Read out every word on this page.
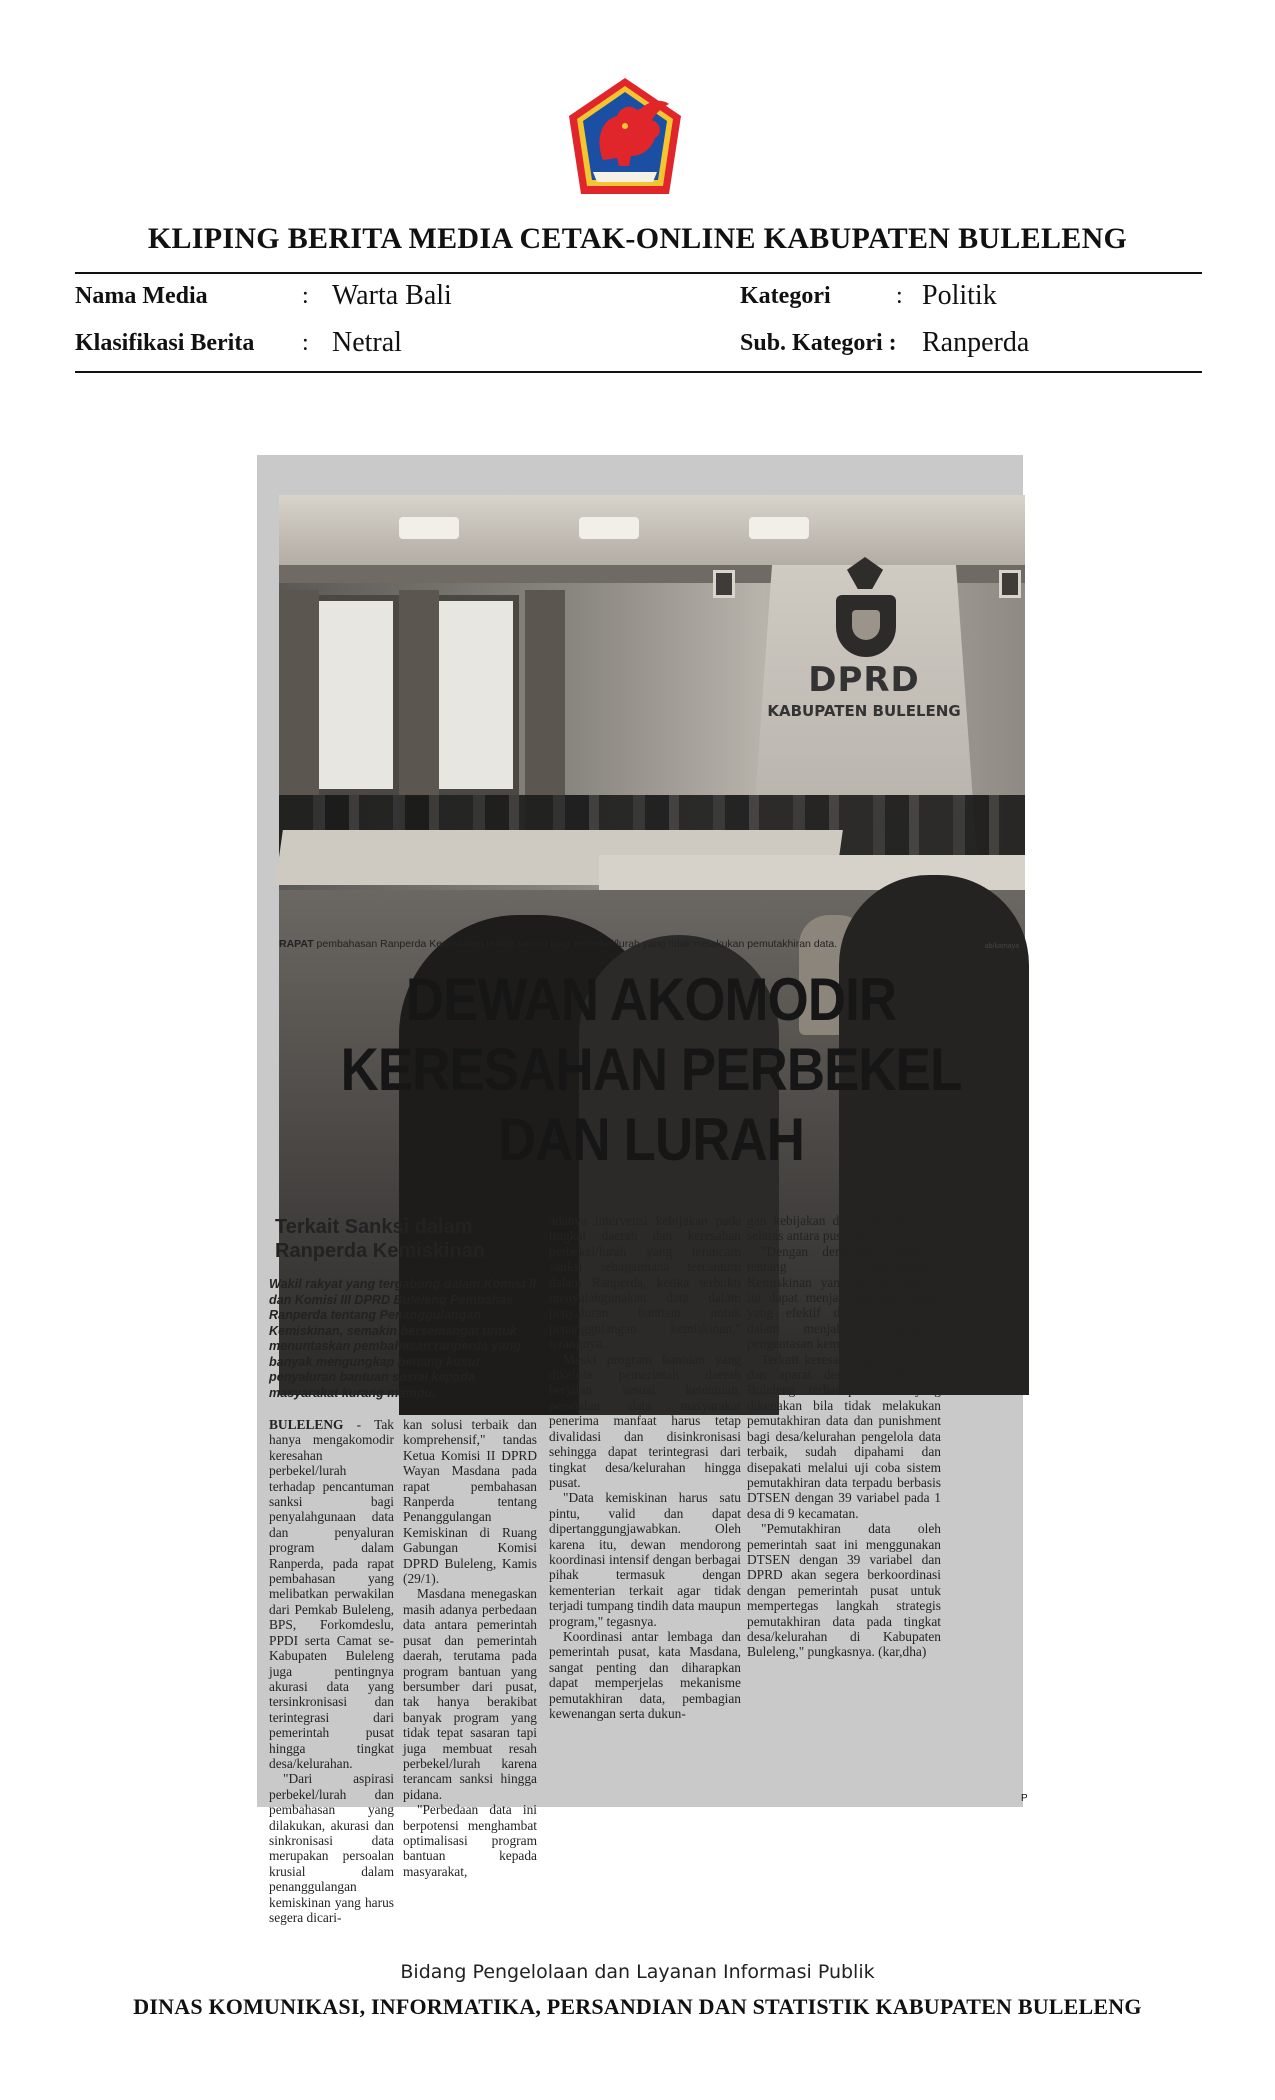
KLIPING BERITA MEDIA CETAK-ONLINE KABUPATEN BULELENG
Nama Media	: Warta Bali
Klasifikasi Berita : Netral
Kategori	: Politik
Sub. Kategori : Ranperda
DPRD
KABUPATEN BULELENG
RAPAT pembahasan Ranperda Kemiskinan terkait sanksi bagi perbekel/lurah yang tidak melakukan pemutakhiran data.	ab/kamaya
DEWAN AKOMODIR
KERESAHAN PERBEKEL
DAN LURAH
Terkait Sanksi dalam Ranperda Kemiskinan
Wakil rakyat yang tergabung dalam Komisi II dan Komisi III DPRD Buleleng Pembahas Ranperda tentang Penanggulangan Kemiskinan, semakin bersemangat untuk menuntaskan pembahasan ranperda yang banyak mengungkap benang kusut penyaluran bantuan sosial kepada masyarakat kurang mampu.

BULELENG - Tak hanya mengakomodir keresahan perbekel/lurah terhadap pencantuman sanksi bagi penyalahgunaan data dan penyaluran program dalam Ranperda, pada rapat pembahasan yang melibatkan perwakilan dari Pemkab Buleleng, BPS, Forkomdeslu, PPDI serta Camat se-Kabupaten Buleleng juga pentingnya akurasi data yang tersinkronisasi dan terintegrasi dari pemerintah pusat hingga tingkat desa/kelurahan.

"Dari aspirasi perbekel/lurah dan pembahasan yang dilakukan, akurasi dan sinkronisasi data merupakan persoalan krusial dalam penanggulangan kemiskinan yang harus segera dicari-

kan solusi terbaik dan komprehensif," tandas Ketua Komisi II DPRD Wayan Masdana pada rapat pembahasan Ranperda tentang Penanggulangan Kemiskinan di Ruang Gabungan Komisi DPRD Buleleng, Kamis (29/1).

Masdana menegaskan masih adanya perbedaan data antara pemerintah pusat dan pemerintah daerah, terutama pada program bantuan yang bersumber dari pusat, tak hanya berakibat banyak program yang tidak tepat sasaran tapi juga membuat resah perbekel/lurah karena terancam sanksi hingga pidana.

"Perbedaan data ini berpotensi menghambat optimalisasi program bantuan kepada masyarakat,

adanya intervensi kebijakan pada tingkat daerah dan keresahan perbekel/lurah yang terancam sanksi sebagaimana tercantum dalam Ranperda, ketika terbukti menyalahgunakan data dalam penyaluran bantuan untuk penanggulangan kemiskinan," terangnya.

Meski program bantuan yang dikelola pemerintah daerah berjalan sesuai ketentuan, persoalan data masyarakat penerima manfaat harus tetap divalidasi dan disinkronisasi sehingga dapat terintegrasi dari tingkat desa/kelurahan hingga pusat.

"Data kemiskinan harus satu pintu, valid dan dapat dipertanggungjawabkan. Oleh karena itu, dewan mendorong koordinasi intensif dengan berbagai pihak termasuk dengan kementerian terkait agar tidak terjadi tumpang tindih data maupun program," tegasnya.

Koordinasi antar lembaga dan pemerintah pusat, kata Masdana, sangat penting dan diharapkan dapat memperjelas mekanisme pemutakhiran data, pembagian kewenangan serta dukun-

gan kebijakan dan anggaran yang selaras antara pusat dan daerah.

"Dengan demikian, Ranperda tentang Penanggulangan Kemiskinan yang tengah dibahas ini dapat menjadi payung hukum yang efektif dan implementatif dalam menjalankan program pengentasan kemiskinan," jelasnya.

Terkait keresahan perbekel/lurah dan aparat desa di Kabupaten Buleleng terhadap sanksi yang dikenakan bila tidak melakukan pemutakhiran data dan punishment bagi desa/kelurahan pengelola data terbaik, sudah dipahami dan disepakati melalui uji coba sistem pemutakhiran data terpadu berbasis DTSEN dengan 39 variabel pada 1 desa di 9 kecamatan.

"Pemutakhiran data oleh pemerintah saat ini menggunakan DTSEN dengan 39 variabel dan DPRD akan segera berkoordinasi dengan pemerintah pusat untuk mempertegas langkah strategis pemutakhiran data pada tingkat desa/kelurahan di Kabupaten Buleleng," pungkasnya. (kar,dha)

P
Bidang Pengelolaan dan Layanan Informasi Publik
DINAS KOMUNIKASI, INFORMATIKA, PERSANDIAN DAN STATISTIK KABUPATEN BULELENG
